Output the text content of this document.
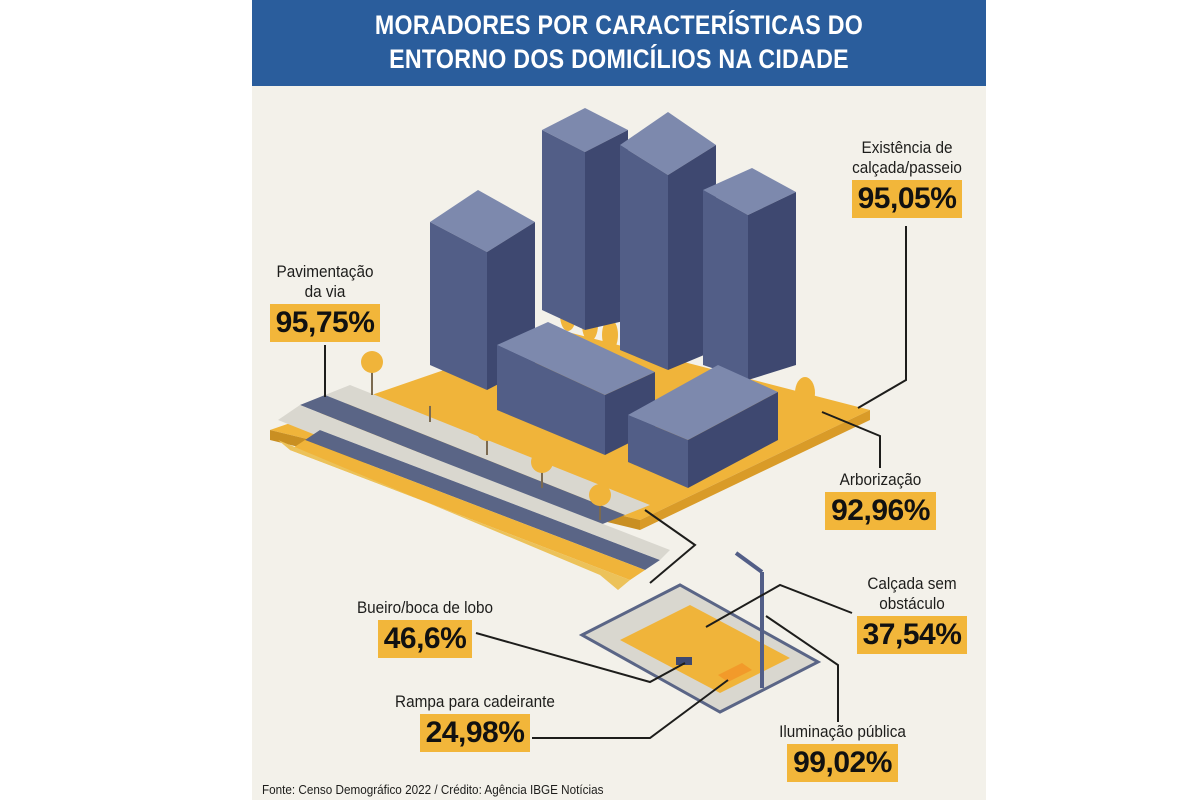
MORADORES POR CARACTERÍSTICAS DO
ENTORNO DOS DOMICÍLIOS NA CIDADE
Existência de
calçada/passeio
95,05%
Pavimentação
da via
95,75%
Arborização
92,96%
Calçada sem
obstáculo
37,54%
Bueiro/boca de lobo
46,6%
Rampa para cadeirante
24,98%	Iluminação pública
99,02%
Fonte: Censo Demográfico 2022 / Crédito: Agência IBGE Notícias
